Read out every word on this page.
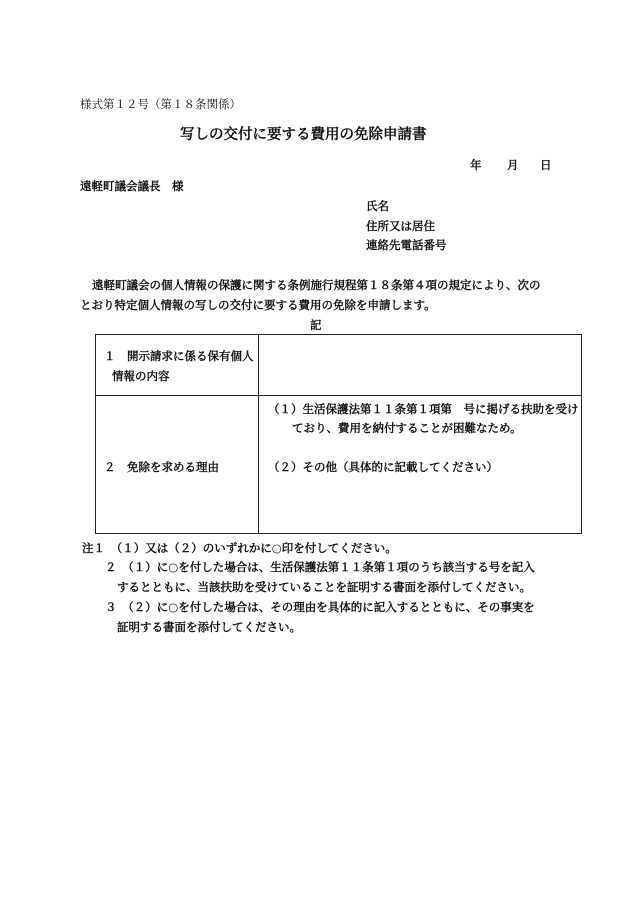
様式第１２号（第１８条関係）
写しの交付に要する費用の免除申請書
年 月 日
遠軽町議会議長　様
氏名
住所又は居住
連絡先電話番号
遠軽町議会の個人情報の保護に関する条例施行規程第１８条第４項の規定により、次の
とおり特定個人情報の写しの交付に要する費用の免除を申請します。
記
１　開示請求に係る保有個人
情報の内容
２　免除を求める理由
（１）生活保護法第１１条第１項第　号に掲げる扶助を受け
ており、費用を納付することが困難なため。
（２）その他（具体的に記載してください）
注１　（１）又は（２）のいずれかに○印を付してください。
２　（１）に○を付した場合は、生活保護法第１１条第１項のうち該当する号を記入
するとともに、当該扶助を受けていることを証明する書面を添付してください。
３　（２）に○を付した場合は、その理由を具体的に記入するとともに、その事実を
証明する書面を添付してください。
